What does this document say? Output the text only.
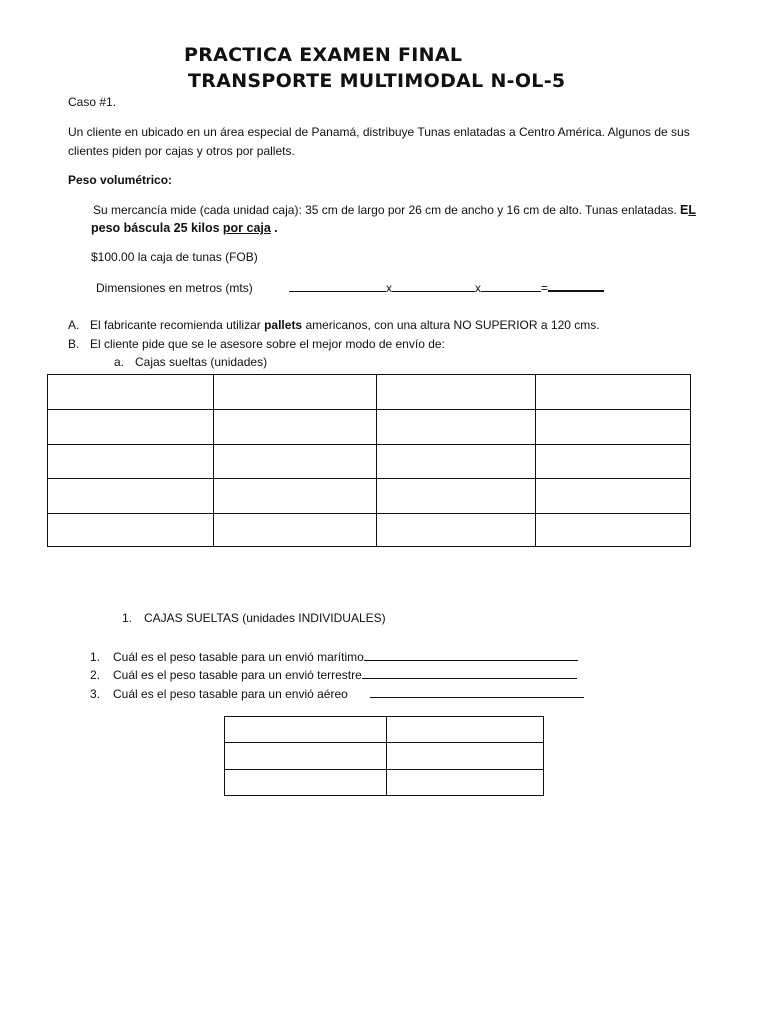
PRACTICA EXAMEN FINAL
TRANSPORTE MULTIMODAL N-OL-5
Caso #1.
Un cliente en ubicado en un área especial de Panamá, distribuye Tunas enlatadas a Centro América. Algunos de sus clientes piden por cajas y otros por pallets.
Peso volumétrico:
Su mercancía mide (cada unidad caja): 35 cm de largo por 26 cm de ancho y 16 cm de alto. Tunas enlatadas. EL
peso báscula 25 kilos por caja .
$100.00 la caja de tunas (FOB)
Dimensiones en metros (mts)	x	x	=
A. El fabricante recomienda utilizar pallets americanos, con una altura NO SUPERIOR a 120 cms.
B. El cliente pide que se le asesore sobre el mejor modo de envío de:
a. Cajas sueltas (unidades)

1. CAJAS SUELTAS (unidades INDIVIDUALES)
1. Cuál es el peso tasable para un envió marítimo
2. Cuál es el peso tasable para un envió terrestre
3. Cuál es el peso tasable para un envió aéreo
